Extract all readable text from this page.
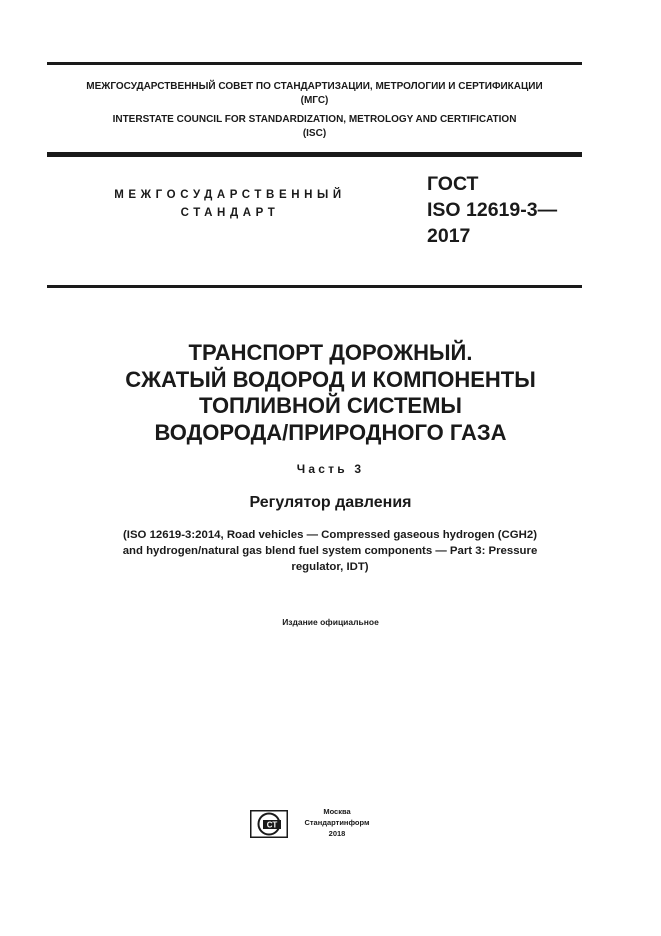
МЕЖГОСУДАРСТВЕННЫЙ СОВЕТ ПО СТАНДАРТИЗАЦИИ, МЕТРОЛОГИИ И СЕРТИФИКАЦИИ
(МГС)
INTERSTATE COUNCIL FOR STANDARDIZATION, METROLOGY AND CERTIFICATION
(ISC)
МЕЖГОСУДАРСТВЕННЫЙ
СТАНДАРТ
ГОСТ
ISO 12619-3—
2017
ТРАНСПОРТ ДОРОЖНЫЙ.
СЖАТЫЙ ВОДОРОД И КОМПОНЕНТЫ
ТОПЛИВНОЙ СИСТЕМЫ
ВОДОРОДА/ПРИРОДНОГО ГАЗА
Часть 3
Регулятор давления
(ISO 12619-3:2014, Road vehicles — Compressed gaseous hydrogen (CGH2)
and hydrogen/natural gas blend fuel system components — Part 3: Pressure
regulator, IDT)
Издание официальное
СТ
Москва
Стандартинформ
2018
